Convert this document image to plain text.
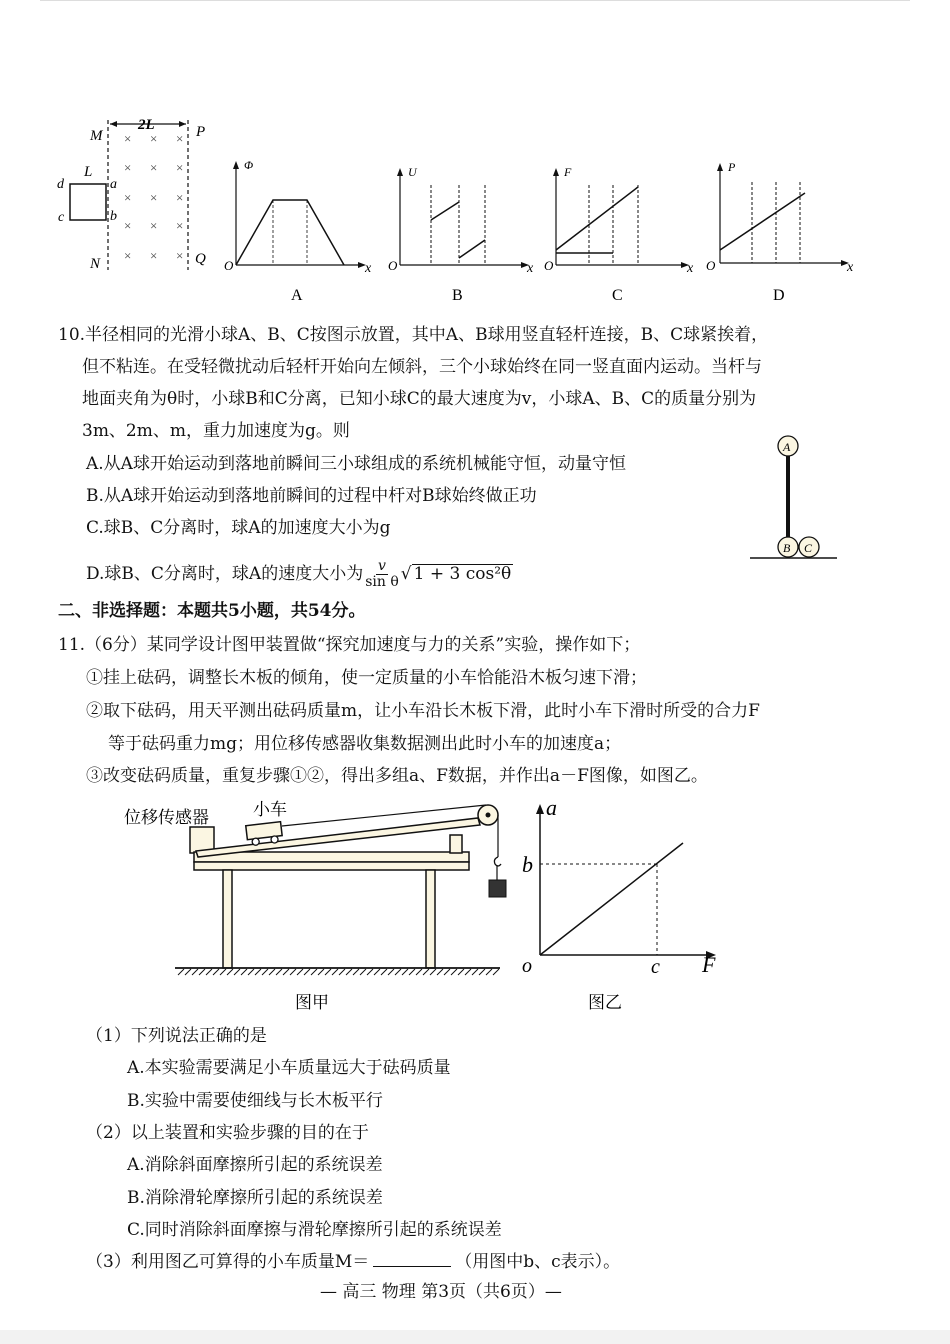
2L
M	P
N	Q
L
d	a
c	b
× × ×
× × ×
× × ×
× × ×
× × ×
Φ
O	x
A
U
O	x
B
F
O	x
C
P
O	x
D
10.半径相同的光滑小球A、B、C按图示放置，其中A、B球用竖直轻杆连接，B、C球紧挨着，
但不粘连。在受轻微扰动后轻杆开始向左倾斜，三个小球始终在同一竖直面内运动。当杆与
地面夹角为θ时，小球B和C分离，已知小球C的最大速度为v，小球A、B、C的质量分别为
3m、2m、m，重力加速度为g。则
A.从A球开始运动到落地前瞬间三小球组成的系统机械能守恒，动量守恒
B.从A球开始运动到落地前瞬间的过程中杆对B球始终做正功
C.球B、C分离时，球A的加速度大小为g
D.球B、C分离时，球A的速度大小为 $\frac{v}{\text{sin θ}}$ √ 1 + 3 cos²θ
A
B C
二、非选择题：本题共5小题，共54分。
11.（6分）某同学设计图甲装置做“探究加速度与力的关系”实验，操作如下；
①挂上砝码，调整长木板的倾角，使一定质量的小车恰能沿木板匀速下滑；
②取下砝码，用天平测出砝码质量m，让小车沿长木板下滑，此时小车下滑时所受的合力F
等于砝码重力mg；用位移传感器收集数据测出此时小车的加速度a；
③改变砝码质量，重复步骤①②，得出多组a、F数据，并作出a－F图像，如图乙。
位移传感器	小车
图甲
a
b
o	c F
图乙
（1）下列说法正确的是
A.本实验需要满足小车质量远大于砝码质量
B.实验中需要使细线与长木板平行
（2）以上装置和实验步骤的目的在于
A.消除斜面摩擦所引起的系统误差
B.消除滑轮摩擦所引起的系统误差
C.同时消除斜面摩擦与滑轮摩擦所引起的系统误差
（3）利用图乙可算得的小车质量M＝	（用图中b、c表示）。
— 高三 物理 第3页（共6页）—
